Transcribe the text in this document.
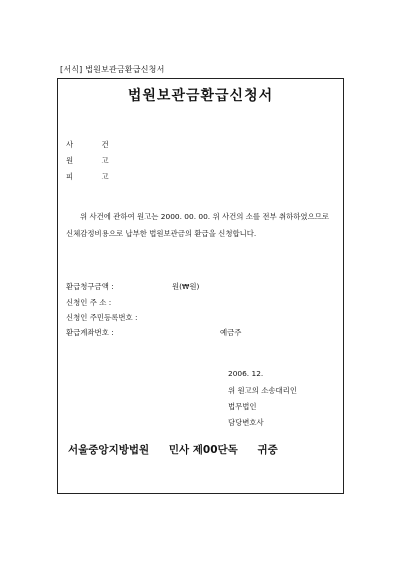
[서식] 법원보관금환급신청서
법원보관금환급신청서
사 건
원 고
피 고
위 사건에 관하여 원고는 2000. 00. 00. 위 사건의 소를 전부 취하하였으므로 신체감정비용으로 납부한 법원보관금의 환급을 신청합니다.
환급청구금액 :	원(₩원)
신청인 주 소 :
신청인 주민등록번호 :
환급계좌번호 :	예금주
2006. 12.
위 원고의 소송대리인
법무법인
담당변호사
서울중앙지방법원 민사 제00단독 귀중
